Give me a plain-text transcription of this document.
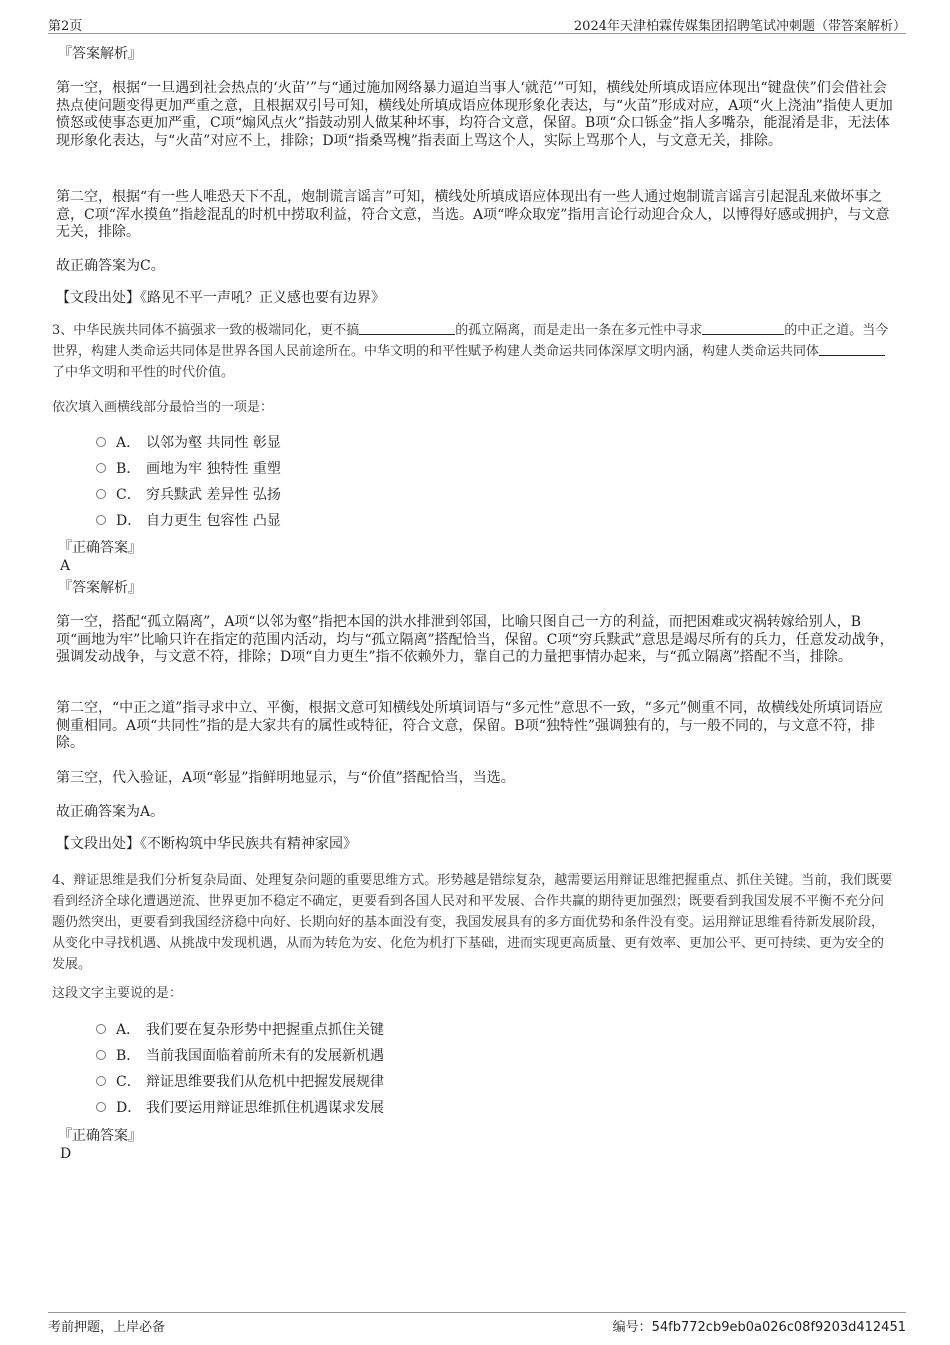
第2页	2024年天津柏霖传媒集团招聘笔试冲刺题（带答案解析）
『答案解析』
第一空，根据“一旦遇到社会热点的‘火苗’”与“通过施加网络暴力逼迫当事人‘就范’”可知，横线处所填成语应体现出“键盘侠”们会借社会热点使问题变得更加严重之意，且根据双引号可知，横线处所填成语应体现形象化表达，与“火苗”形成对应，A项“火上浇油”指使人更加愤怒或使事态更加严重，C项“煽风点火”指鼓动别人做某种坏事，均符合文意，保留。B项“众口铄金”指人多嘴杂，能混淆是非，无法体现形象化表达，与“火苗”对应不上，排除；D项“指桑骂槐”指表面上骂这个人，实际上骂那个人，与文意无关，排除。
第二空，根据“有一些人唯恐天下不乱，炮制谎言谣言”可知，横线处所填成语应体现出有一些人通过炮制谎言谣言引起混乱来做坏事之意，C项“浑水摸鱼”指趁混乱的时机中捞取利益，符合文意，当选。A项“哗众取宠”指用言论行动迎合众人，以博得好感或拥护，与文意无关，排除。
故正确答案为C。
【文段出处】《路见不平一声吼？正义感也要有边界》
3、中华民族共同体不搞强求一致的极端同化，更不搞	的孤立隔离，而是走出一条在多元性中寻求	的中正之道。当今世界，构建人类命运共同体是世界各国人民前途所在。中华文明的和平性赋予构建人类命运共同体深厚文明内涵，构建人类命运共同体了中华文明和平性的时代价值。
依次填入画横线部分最恰当的一项是：
A． 以邻为壑 共同性 彰显
B． 画地为牢 独特性 重塑
C． 穷兵黩武 差异性 弘扬
D． 自力更生 包容性 凸显
『正确答案』
A
『答案解析』
第一空，搭配“孤立隔离”，A项“以邻为壑”指把本国的洪水排泄到邻国，比喻只图自己一方的利益，而把困难或灾祸转嫁给别人，B项“画地为牢”比喻只许在指定的范围内活动，均与“孤立隔离”搭配恰当，保留。C项“穷兵黩武”意思是竭尽所有的兵力，任意发动战争，强调发动战争，与文意不符，排除；D项“自力更生”指不依赖外力，靠自己的力量把事情办起来，与“孤立隔离”搭配不当，排除。
第二空，“中正之道”指寻求中立、平衡，根据文意可知横线处所填词语与“多元性”意思不一致，“多元”侧重不同，故横线处所填词语应侧重相同。A项“共同性”指的是大家共有的属性或特征，符合文意，保留。B项“独特性”强调独有的，与一般不同的，与文意不符，排除。
第三空，代入验证，A项“彰显”指鲜明地显示，与“价值”搭配恰当，当选。
故正确答案为A。
【文段出处】《不断构筑中华民族共有精神家园》
4、辩证思维是我们分析复杂局面、处理复杂问题的重要思维方式。形势越是错综复杂，越需要运用辩证思维把握重点、抓住关键。当前，我们既要看到经济全球化遭遇逆流、世界更加不稳定不确定，更要看到各国人民对和平发展、合作共赢的期待更加强烈；既要看到我国发展不平衡不充分问题仍然突出，更要看到我国经济稳中向好、长期向好的基本面没有变，我国发展具有的多方面优势和条件没有变。运用辩证思维看待新发展阶段，从变化中寻找机遇、从挑战中发现机遇，从而为转危为安、化危为机打下基础，进而实现更高质量、更有效率、更加公平、更可持续、更为安全的发展。
这段文字主要说的是：
A． 我们要在复杂形势中把握重点抓住关键
B． 当前我国面临着前所未有的发展新机遇
C． 辩证思维要我们从危机中把握发展规律
D． 我们要运用辩证思维抓住机遇谋求发展
『正确答案』
D
考前押题，上岸必备	编号：54fb772cb9eb0a026c08f9203d412451
